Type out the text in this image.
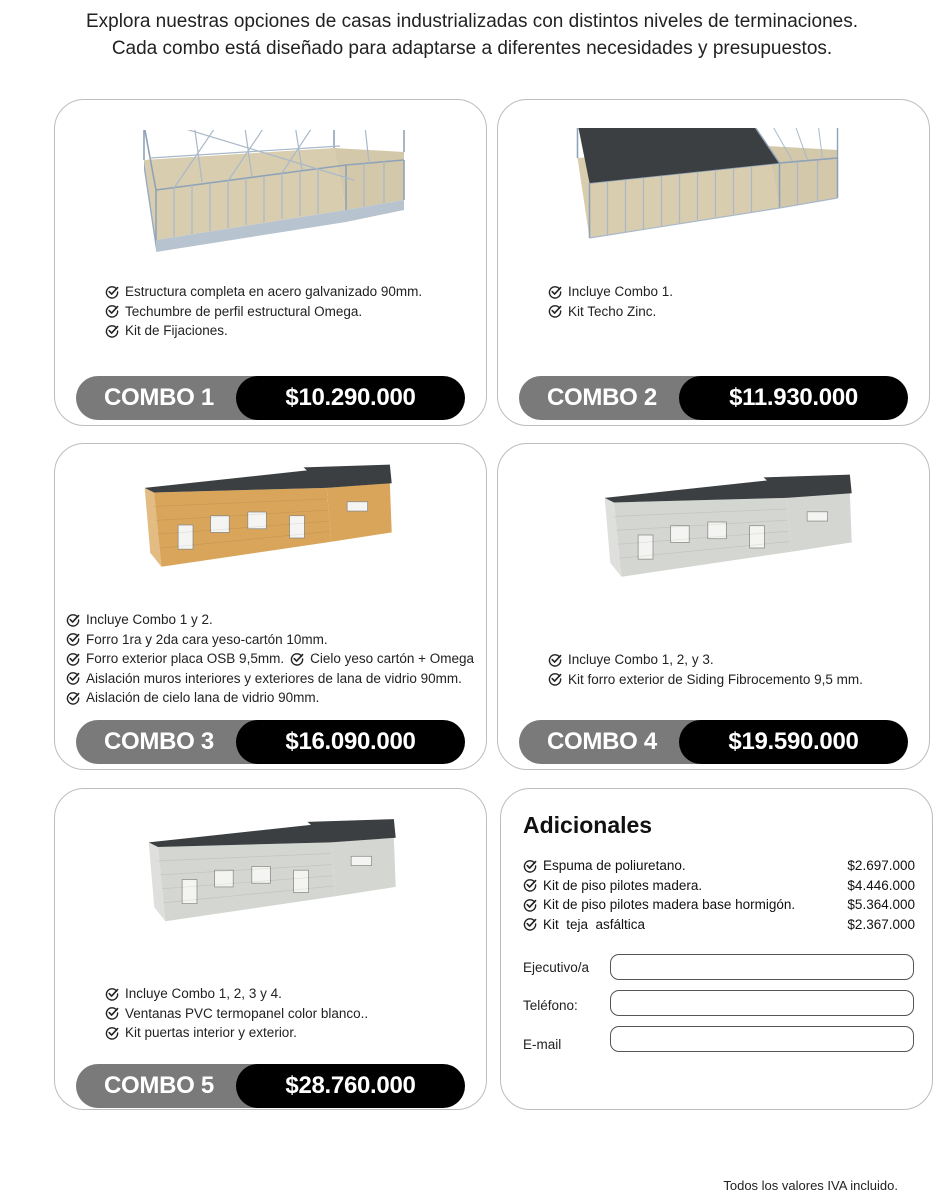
Explora nuestras opciones de casas industrializadas con distintos niveles de terminaciones.

Cada combo está diseñado para adaptarse a diferentes necesidades y presupuestos.

Estructura completa en acero galvanizado 90mm.
Techumbre de perfil estructural Omega.
Kit de Fijaciones.
COMBO 1	$10.290.000
Incluye Combo 1.
Kit Techo Zinc.
COMBO 2	$11.930.000
Incluye Combo 1 y 2.
Forro 1ra y 2da cara yeso-cartón 10mm.
Forro exterior placa OSB 9,5mm. Cielo yeso cartón + Omega
Aislación muros interiores y exteriores de lana de vidrio 90mm.
Aislación de cielo lana de vidrio 90mm.
COMBO 3	$16.090.000
Incluye Combo 1, 2, y 3.
Kit forro exterior de Siding Fibrocemento 9,5 mm.
COMBO 4	$19.590.000
Incluye Combo 1, 2, 3 y 4.
Ventanas PVC termopanel color blanco..
Kit puertas interior y exterior.
COMBO 5	$28.760.000
Adicionales
Espuma de poliuretano.	$2.697.000
Kit de piso pilotes madera.	$4.446.000
Kit de piso pilotes madera base hormigón.	$5.364.000
Kit  teja  asfáltica	$2.367.000
Ejecutivo/a
Teléfono:
E-mail
Todos los valores IVA incluido.
